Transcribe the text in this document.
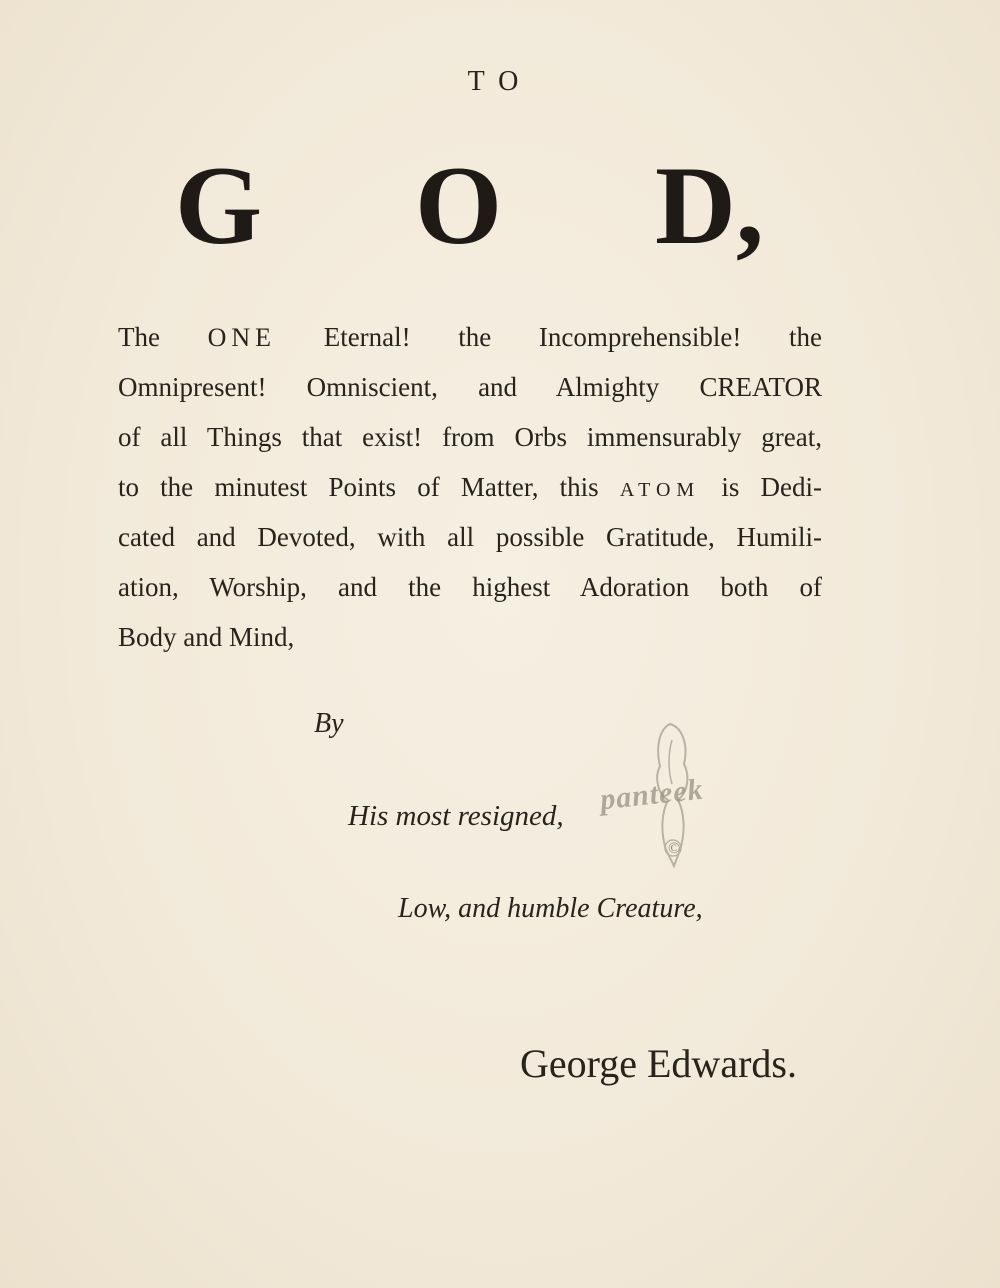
TO
G O D,
The ONE Eternal! the Incomprehensible! the
Omnipresent! Omniscient, and Almighty CREATOR
of all Things that exist! from Orbs immensurably great,
to the minutest Points of Matter, this ATOM is Dedi-
cated and Devoted, with all possible Gratitude, Humili-
ation, Worship, and the highest Adoration both of
Body and Mind,
By
His most resigned, panteek
©
Low, and humble Creature,
George Edwards.
